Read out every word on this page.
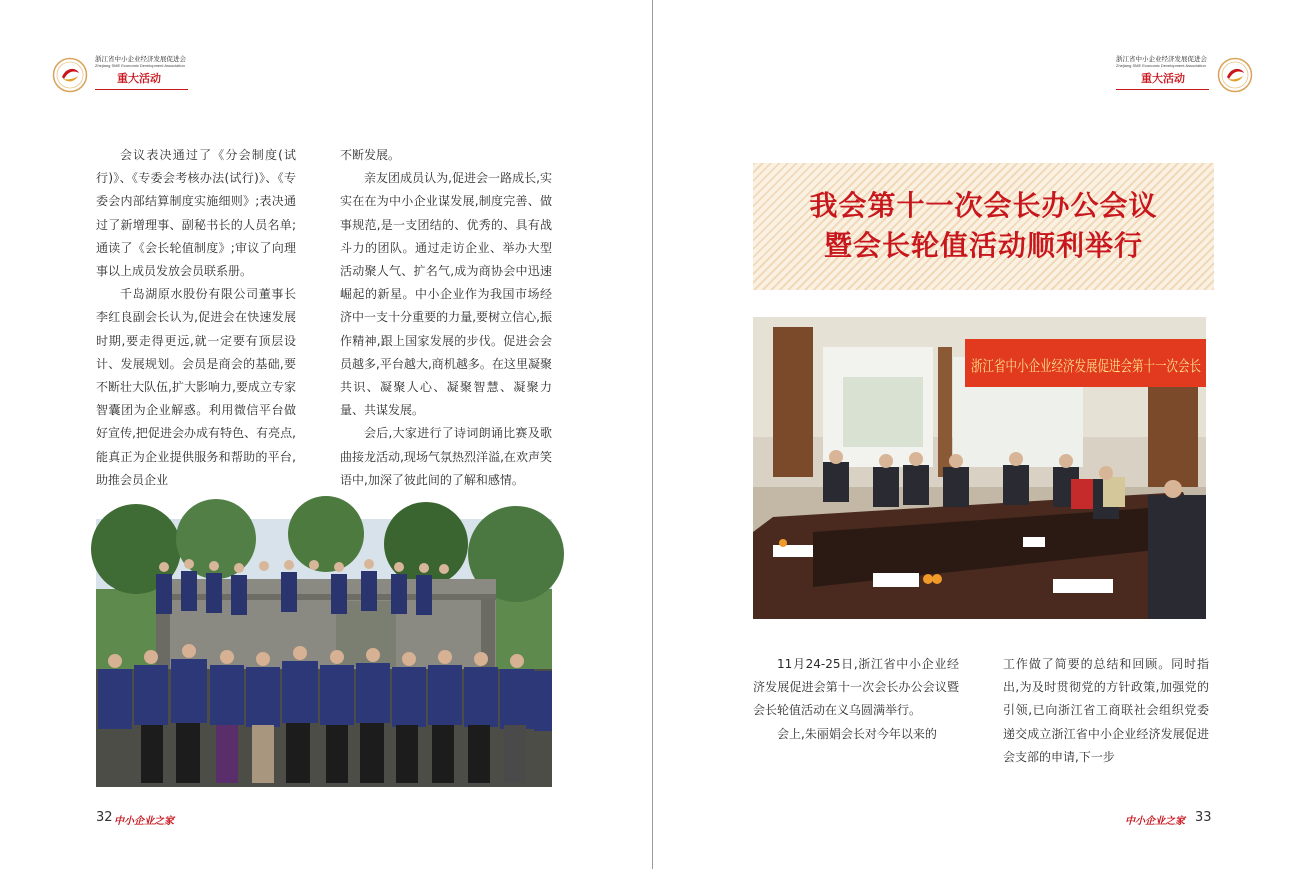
浙江省中小企业经济发展促进会
Zhejiang SME Economic Development Association
重大活动

会议表决通过了《分会制度(试行)》、《专委会考核办法(试行)》、《专委会内部结算制度实施细则》;表决通过了新增理事、副秘书长的人员名单;通读了《会长轮值制度》;审议了向理事以上成员发放会员联系册。

千岛湖原水股份有限公司董事长李红良副会长认为,促进会在快速发展时期,要走得更远,就一定要有顶层设计、发展规划。会员是商会的基础,要不断壮大队伍,扩大影响力,要成立专家智囊团为企业解惑。利用微信平台做好宣传,把促进会办成有特色、有亮点,能真正为企业提供服务和帮助的平台,助推会员企业

不断发展。

亲友团成员认为,促进会一路成长,实实在在为中小企业谋发展,制度完善、做事规范,是一支团结的、优秀的、具有战斗力的团队。通过走访企业、举办大型活动聚人气、扩名气,成为商协会中迅速崛起的新星。中小企业作为我国市场经济中一支十分重要的力量,要树立信心,振作精神,跟上国家发展的步伐。促进会会员越多,平台越大,商机越多。在这里凝聚共识、凝聚人心、凝聚智慧、凝聚力量、共谋发展。

会后,大家进行了诗词朗诵比赛及歌曲接龙活动,现场气氛热烈洋溢,在欢声笑语中,加深了彼此间的了解和感情。

32 中小企业之家
浙江省中小企业经济发展促进会
Zhejiang SME Economic Development Association
重大活动
我会第十一次会长办公会议
暨会长轮值活动顺利举行
浙江省中小企业经济发展促进会第十一次会长

11月24-25日,浙江省中小企业经济发展促进会第十一次会长办公会议暨会长轮值活动在义乌圆满举行。

会上,朱丽娟会长对今年以来的

工作做了简要的总结和回顾。同时指出,为及时贯彻党的方针政策,加强党的引领,已向浙江省工商联社会组织党委递交成立浙江省中小企业经济发展促进会支部的申请,下一步

中小企业之家 33
